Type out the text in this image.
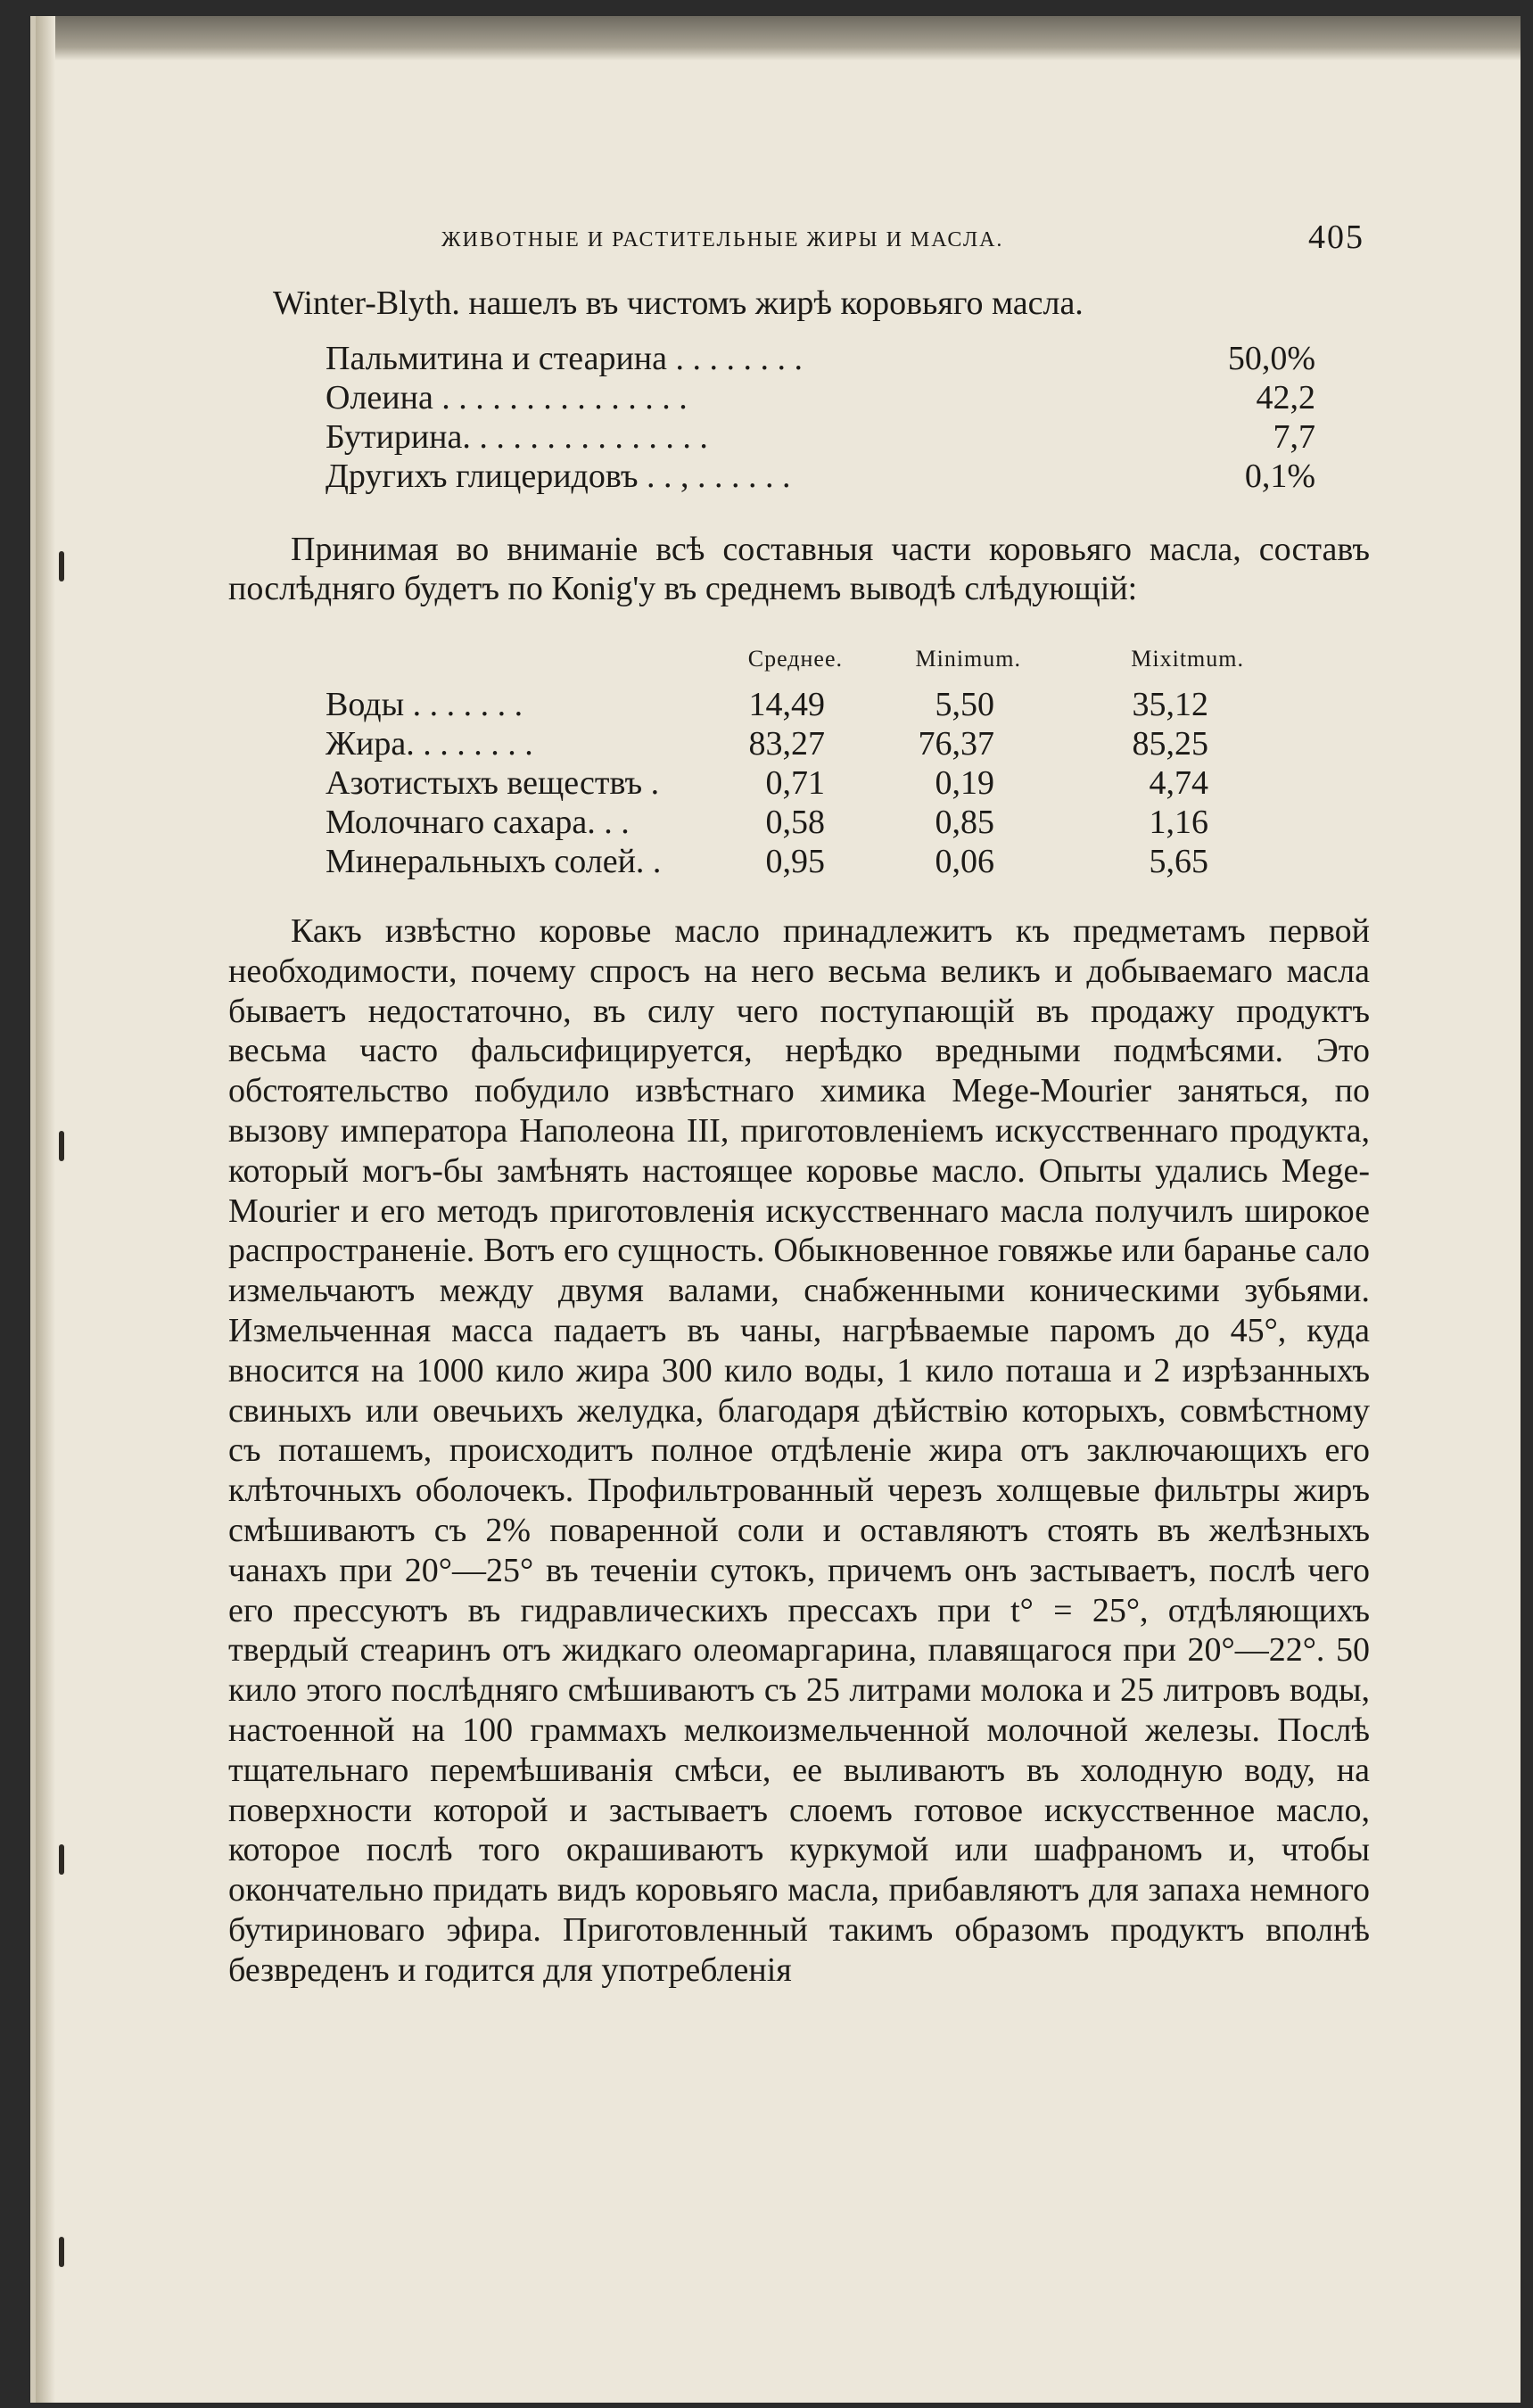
ЖИВОТНЫЕ И РАСТИТЕЛЬНЫЕ ЖИРЫ И МАСЛА.	405
Winter-Blyth. нашелъ въ чистомъ жирѣ коровьяго масла.
Пальмитина и стеарина . . . . . . . .	50,0%
Олеина . . . . . . . . . . . . . . .	42,2
Бутирина. . . . . . . . . . . . . . .	7,7
Другихъ глицеридовъ . . , . . . . . .	0,1%
Принимая во вниманіе всѣ составныя части коровьяго масла, составъ послѣдняго будетъ по Коnig'у въ среднемъ выводѣ слѣдующій:
Среднее.	Minimum.	Mixitmum.
Воды . . . . . . .	14,49	5,50	35,12
Жира. . . . . . . .	83,27	76,37	85,25
Азотистыхъ веществъ .	0,71	0,19	4,74
Молочнаго сахара. . .	0,58	0,85	1,16
Минеральныхъ солей. .	0,95	0,06	5,65
Какъ извѣстно коровье масло принадлежитъ къ предметамъ первой необходимости, почему спросъ на него весьма великъ и добываемаго масла бываетъ недостаточно, въ силу чего поступающій въ продажу продуктъ весьма часто фальсифицируется, нерѣдко вредными подмѣсями. Это обстоятельство побудило извѣстнаго химика Mege-Mourier заняться, по вызову императора Наполеона III, приготовленіемъ искусственнаго продукта, который могъ-бы замѣнять настоящее коровье масло. Опыты удались Mege-Mourier и его методъ приготовленія искусственнаго масла получилъ широкое распространеніе. Вотъ его сущность. Обыкновенное говяжье или баранье сало измельчаютъ между двумя валами, снабженными коническими зубьями. Измельченная масса падаетъ въ чаны, нагрѣваемые паромъ до 45°, куда вносится на 1000 кило жира 300 кило воды, 1 кило поташа и 2 изрѣзанныхъ свиныхъ или овечьихъ желудка, благодаря дѣйствію которыхъ, совмѣстному съ поташемъ, происходитъ полное отдѣленіе жира отъ заключающихъ его клѣточныхъ оболочекъ. Профильтрованный черезъ холщевые фильтры жиръ смѣшиваютъ съ 2% поваренной соли и оставляютъ стоять въ желѣзныхъ чанахъ при 20°—25° въ теченіи сутокъ, причемъ онъ застываетъ, послѣ чего его прессуютъ въ гидравлическихъ прессахъ при t° = 25°, отдѣляющихъ твердый стеаринъ отъ жидкаго олеомаргарина, плавящагося при 20°—22°. 50 кило этого послѣдняго смѣшиваютъ съ 25 литрами молока и 25 литровъ воды, настоенной на 100 граммахъ мелкоизмельченной молочной железы. Послѣ тщательнаго перемѣшиванія смѣси, ее выливаютъ въ холодную воду, на поверхности которой и застываетъ слоемъ готовое искусственное масло, которое послѣ того окрашиваютъ куркумой или шафраномъ и, чтобы окончательно придать видъ коровьяго масла, прибавляютъ для запаха немного бутириноваго эфира. Приготовленный такимъ образомъ продуктъ вполнѣ безвреденъ и годится для употребленія
